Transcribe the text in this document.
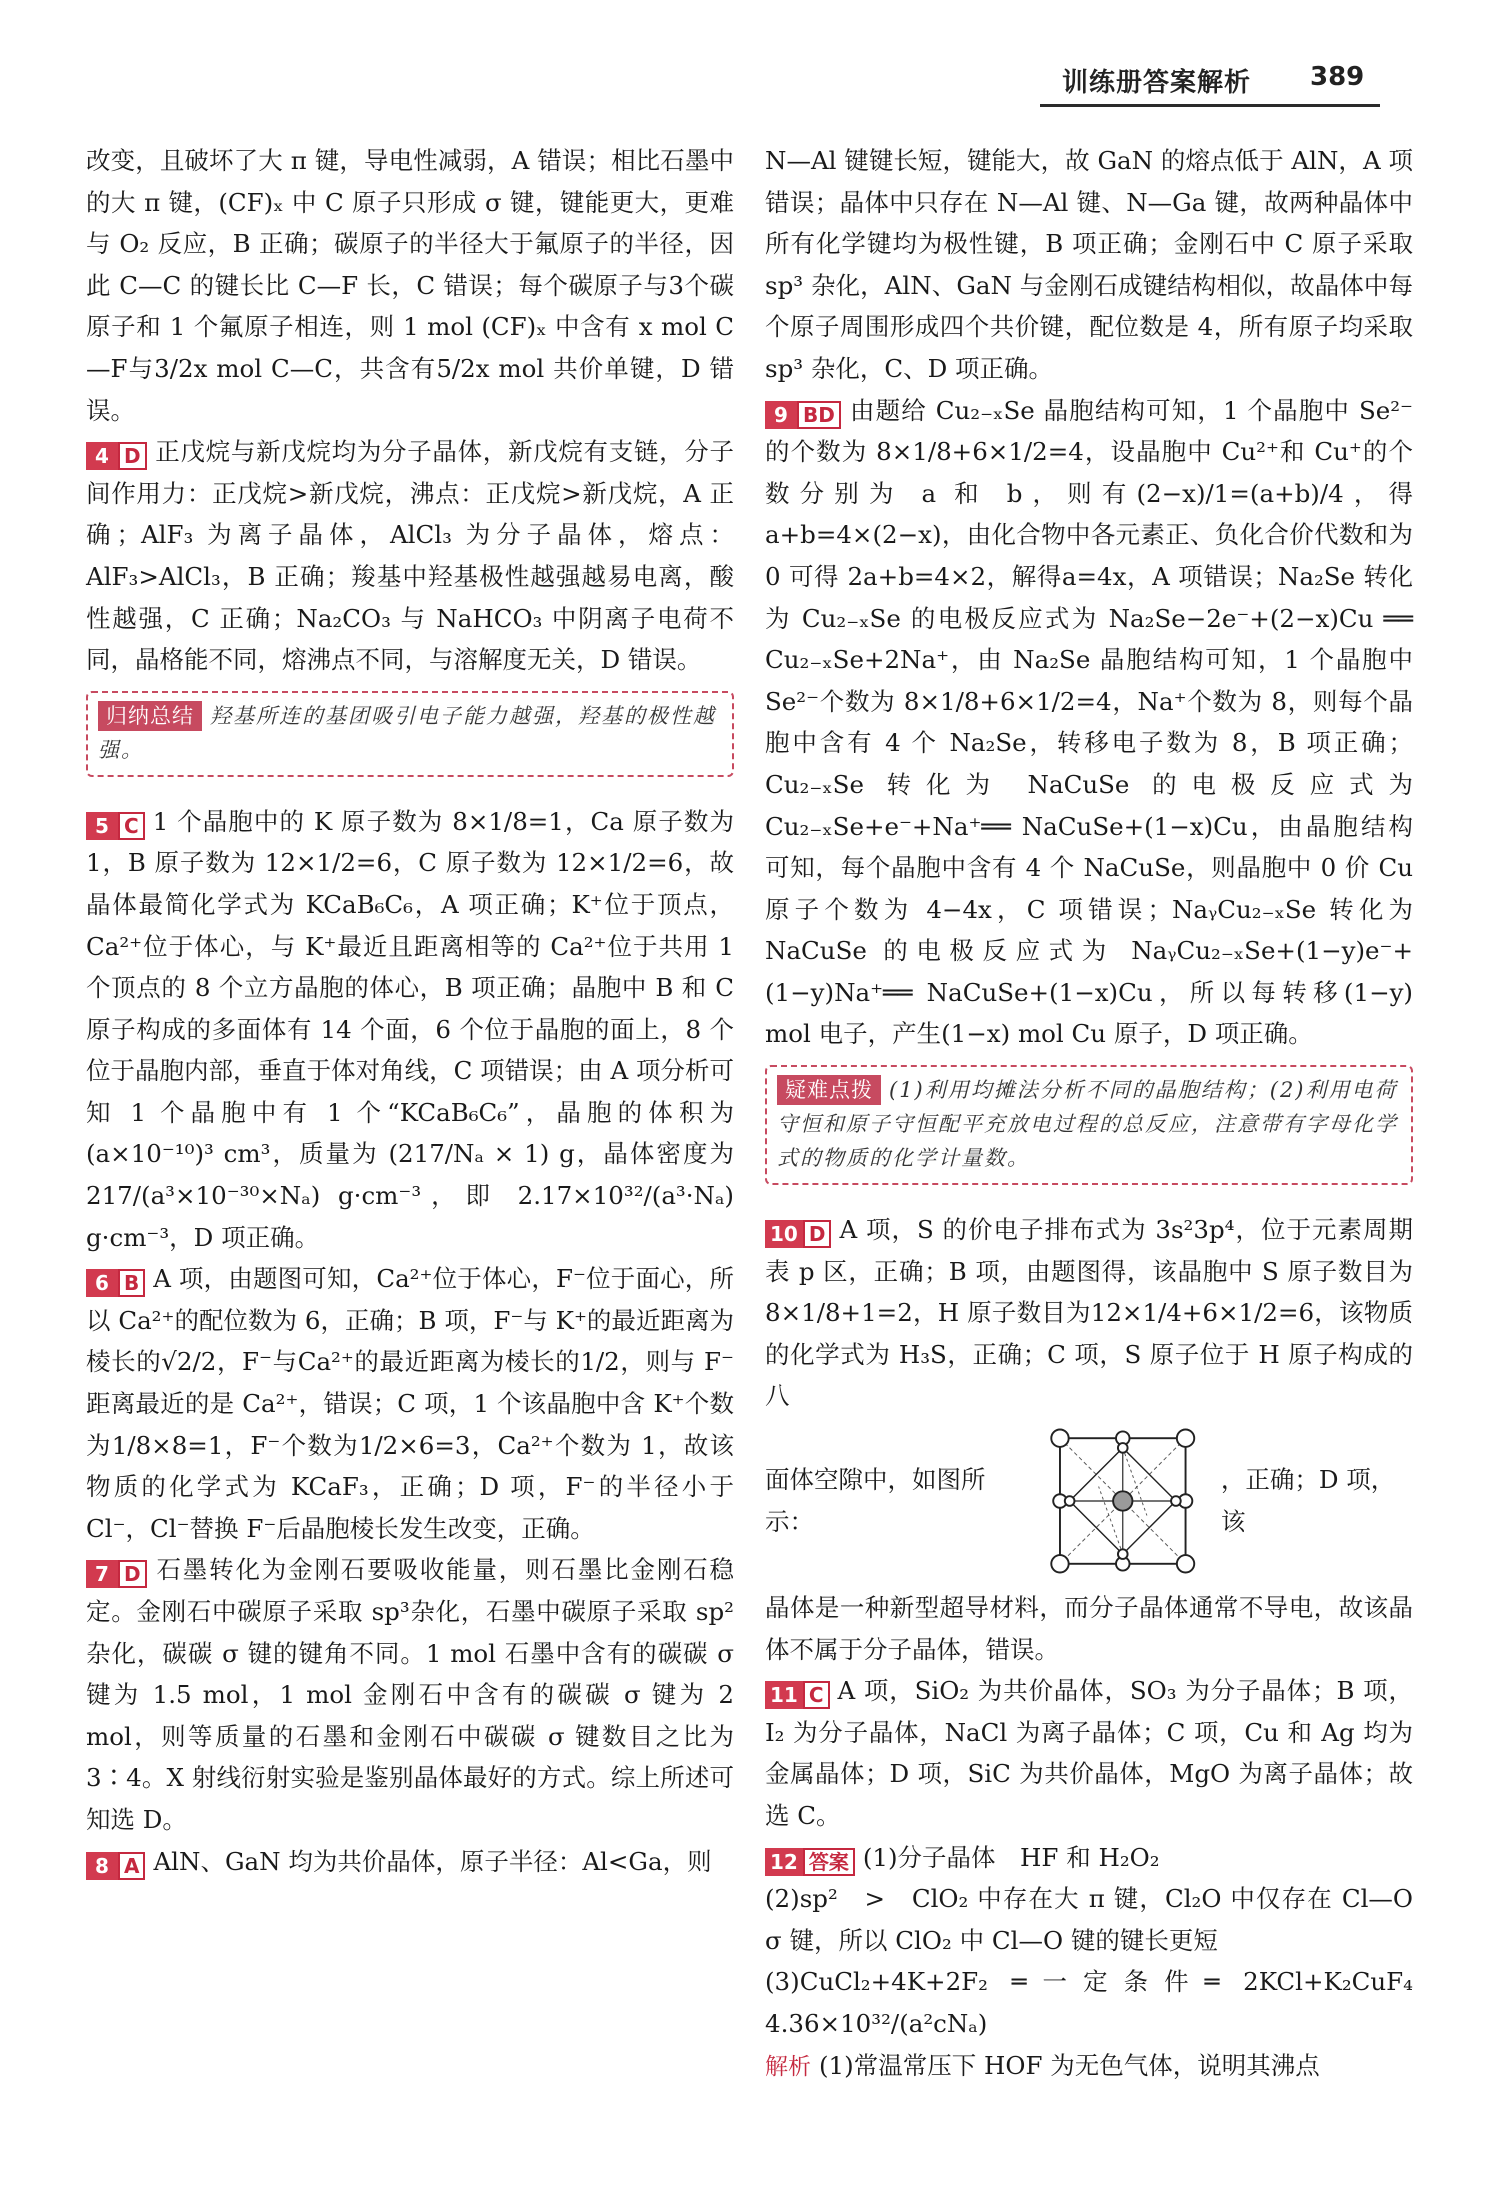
训练册答案解析 389

改变，且破坏了大 π 键，导电性减弱，A 错误；相比石墨中的大 π 键，(CF)ₓ 中 C 原子只形成 σ 键，键能更大，更难与 O₂ 反应，B 正确；碳原子的半径大于氟原子的半径，因此 C—C 的键长比 C—F 长，C 错误；每个碳原子与3个碳原子和 1 个氟原子相连，则 1 mol (CF)ₓ 中含有 x mol C—F与3/2x mol C—C，共含有5/2x mol 共价单键，D 错误。

4 D 正戊烷与新戊烷均为分子晶体，新戊烷有支链，分子间作用力：正戊烷>新戊烷，沸点：正戊烷>新戊烷，A 正确；AlF₃ 为离子晶体，AlCl₃ 为分子晶体，熔点：AlF₃>AlCl₃，B 正确；羧基中羟基极性越强越易电离，酸性越强，C 正确；Na₂CO₃ 与 NaHCO₃ 中阴离子电荷不同，晶格能不同，熔沸点不同，与溶解度无关，D 错误。

归纳总结 羟基所连的基团吸引电子能力越强，羟基的极性越强。

5 C 1 个晶胞中的 K 原子数为 8×1/8=1，Ca 原子数为 1，B 原子数为 12×1/2=6，C 原子数为 12×1/2=6，故晶体最简化学式为 KCaB₆C₆，A 项正确；K⁺位于顶点，Ca²⁺位于体心，与 K⁺最近且距离相等的 Ca²⁺位于共用 1 个顶点的 8 个立方晶胞的体心，B 项正确；晶胞中 B 和 C 原子构成的多面体有 14 个面，6 个位于晶胞的面上，8 个位于晶胞内部，垂直于体对角线，C 项错误；由 A 项分析可知 1 个晶胞中有 1 个“KCaB₆C₆”，晶胞的体积为(a×10⁻¹⁰)³ cm³，质量为 (217/Nₐ × 1) g，晶体密度为 217/(a³×10⁻³⁰×Nₐ) g·cm⁻³，即 2.17×10³²/(a³·Nₐ) g·cm⁻³，D 项正确。

6 B A 项，由题图可知，Ca²⁺位于体心，F⁻位于面心，所以 Ca²⁺的配位数为 6，正确；B 项，F⁻与 K⁺的最近距离为棱长的√2/2，F⁻与Ca²⁺的最近距离为棱长的1/2，则与 F⁻距离最近的是 Ca²⁺，错误；C 项，1 个该晶胞中含 K⁺个数为1/8×8=1，F⁻个数为1/2×6=3，Ca²⁺个数为 1，故该物质的化学式为 KCaF₃，正确；D 项，F⁻的半径小于 Cl⁻，Cl⁻替换 F⁻后晶胞棱长发生改变，正确。

7 D 石墨转化为金刚石要吸收能量，则石墨比金刚石稳定。金刚石中碳原子采取 sp³杂化，石墨中碳原子采取 sp²杂化，碳碳 σ 键的键角不同。1 mol 石墨中含有的碳碳 σ 键为 1.5 mol，1 mol 金刚石中含有的碳碳 σ 键为 2 mol，则等质量的石墨和金刚石中碳碳 σ 键数目之比为 3∶4。X 射线衍射实验是鉴别晶体最好的方式。综上所述可知选 D。

8 A AlN、GaN 均为共价晶体，原子半径：Al<Ga，则

N—Al 键键长短，键能大，故 GaN 的熔点低于 AlN，A 项错误；晶体中只存在 N—Al 键、N—Ga 键，故两种晶体中所有化学键均为极性键，B 项正确；金刚石中 C 原子采取 sp³ 杂化，AlN、GaN 与金刚石成键结构相似，故晶体中每个原子周围形成四个共价键，配位数是 4，所有原子均采取 sp³ 杂化，C、D 项正确。

9 BD 由题给 Cu₂₋ₓSe 晶胞结构可知，1 个晶胞中 Se²⁻的个数为 8×1/8+6×1/2=4，设晶胞中 Cu²⁺和 Cu⁺的个数分别为 a 和 b，则有(2−x)/1=(a+b)/4，得 a+b=4×(2−x)，由化合物中各元素正、负化合价代数和为 0 可得 2a+b=4×2，解得a=4x，A 项错误；Na₂Se 转化为 Cu₂₋ₓSe 的电极反应式为 Na₂Se−2e⁻+(2−x)Cu ══ Cu₂₋ₓSe+2Na⁺，由 Na₂Se 晶胞结构可知，1 个晶胞中 Se²⁻个数为 8×1/8+6×1/2=4，Na⁺个数为 8，则每个晶胞中含有 4 个 Na₂Se，转移电子数为 8，B 项正确；Cu₂₋ₓSe 转化为 NaCuSe 的电极反应式为 Cu₂₋ₓSe+e⁻+Na⁺══ NaCuSe+(1−x)Cu，由晶胞结构可知，每个晶胞中含有 4 个 NaCuSe，则晶胞中 0 价 Cu 原子个数为 4−4x，C 项错误；NaᵧCu₂₋ₓSe 转化为 NaCuSe 的电极反应式为 NaᵧCu₂₋ₓSe+(1−y)e⁻+(1−y)Na⁺══ NaCuSe+(1−x)Cu，所以每转移(1−y) mol 电子，产生(1−x) mol Cu 原子，D 项正确。

疑难点拨 (1)利用均摊法分析不同的晶胞结构；(2)利用电荷守恒和原子守恒配平充放电过程的总反应，注意带有字母化学式的物质的化学计量数。

10 D A 项，S 的价电子排布式为 3s²3p⁴，位于元素周期表 p 区，正确；B 项，由题图得，该晶胞中 S 原子数目为 8×1/8+1=2，H 原子数目为12×1/4+6×1/2=6，该物质的化学式为 H₃S，正确；C 项，S 原子位于 H 原子构成的八

面体空隙中，如图所示：
，正确；D 项，该

晶体是一种新型超导材料，而分子晶体通常不导电，故该晶体不属于分子晶体，错误。

11 C A 项，SiO₂ 为共价晶体，SO₃ 为分子晶体；B 项，I₂ 为分子晶体，NaCl 为离子晶体；C 项，Cu 和 Ag 均为金属晶体；D 项，SiC 为共价晶体，MgO 为离子晶体；故选 C。

12 答案 (1)分子晶体　HF 和 H₂O₂

(2)sp²　>　ClO₂ 中存在大 π 键，Cl₂O 中仅存在 Cl—O σ 键，所以 ClO₂ 中 Cl—O 键的键长更短

(3)CuCl₂+4K+2F₂ ═一定条件═ 2KCl+K₂CuF₄　4.36×10³²/(a²cNₐ)

解析 (1)常温常压下 HOF 为无色气体，说明其沸点
